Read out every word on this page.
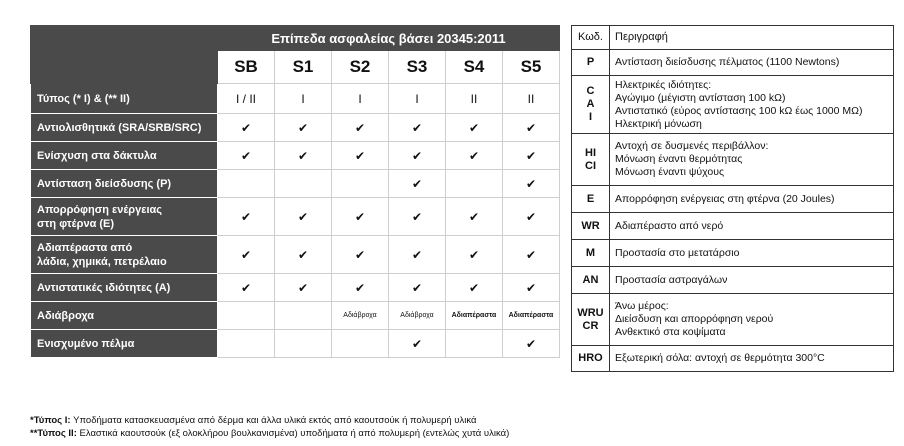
	Επίπεδα ασφαλείας βάσει 20345:2011					
	SB	S1	S2	S3	S4	S5

Τύπος (* I) & (** II)	I / II	I	I	I	II	II

Αντιολισθητικά (SRA/SRB/SRC)	✔	✔	✔	✔	✔	✔

Ενίσχυση στα δάκτυλα	✔	✔	✔	✔	✔	✔

Αντίσταση διείσδυσης (P)				✔		✔

Απορρόφηση ενέργειας
στη φτέρνα (E)	✔	✔	✔	✔	✔	✔

Αδιαπέραστα από
λάδια, χημικά, πετρέλαιο	✔	✔	✔	✔	✔	✔

Αντιστατικές ιδιότητες (A)	✔	✔	✔	✔	✔	✔

Αδιάβροχα			Αδιάβροχα	Αδιάβροχα	Αδιαπέραστα	Αδιαπέραστα

Ενισχυμένο πέλμα				✔		✔
Κωδ.	Περιγραφή

P	Αντίσταση διείσδυσης πέλματος (1100 Newtons)

C
A
I	Ηλεκτρικές ιδιότητες:
Αγώγιμο (μέγιστη αντίσταση 100 kΩ)
Αντιστατικό (εύρος αντίστασης 100 kΩ έως 1000 MΩ)
Ηλεκτρική μόνωση

HI
CI	Αντοχή σε δυσμενές περιβάλλον:
Μόνωση έναντι θερμότητας
Μόνωση έναντι ψύχους

E	Απορρόφηση ενέργειας στη φτέρνα (20 Joules)

WR	Αδιαπέραστο από νερό

M	Προστασία στο μετατάρσιο

AN	Προστασία αστραγάλων

WRU
CR	Άνω μέρος:
Διείσδυση και απορρόφηση νερού
Ανθεκτικό στα κοψίματα

HRO	Εξωτερική σόλα: αντοχή σε θερμότητα 300°C
*Τύπος I: Υποδήματα κατασκευασμένα από δέρμα και άλλα υλικά εκτός από καουτσούκ ή πολυμερή υλικά
**Τύπος II: Ελαστικά καουτσούκ (εξ ολοκλήρου βουλκανισμένα) υποδήματα ή από πολυμερή (εντελώς χυτά υλικά)
